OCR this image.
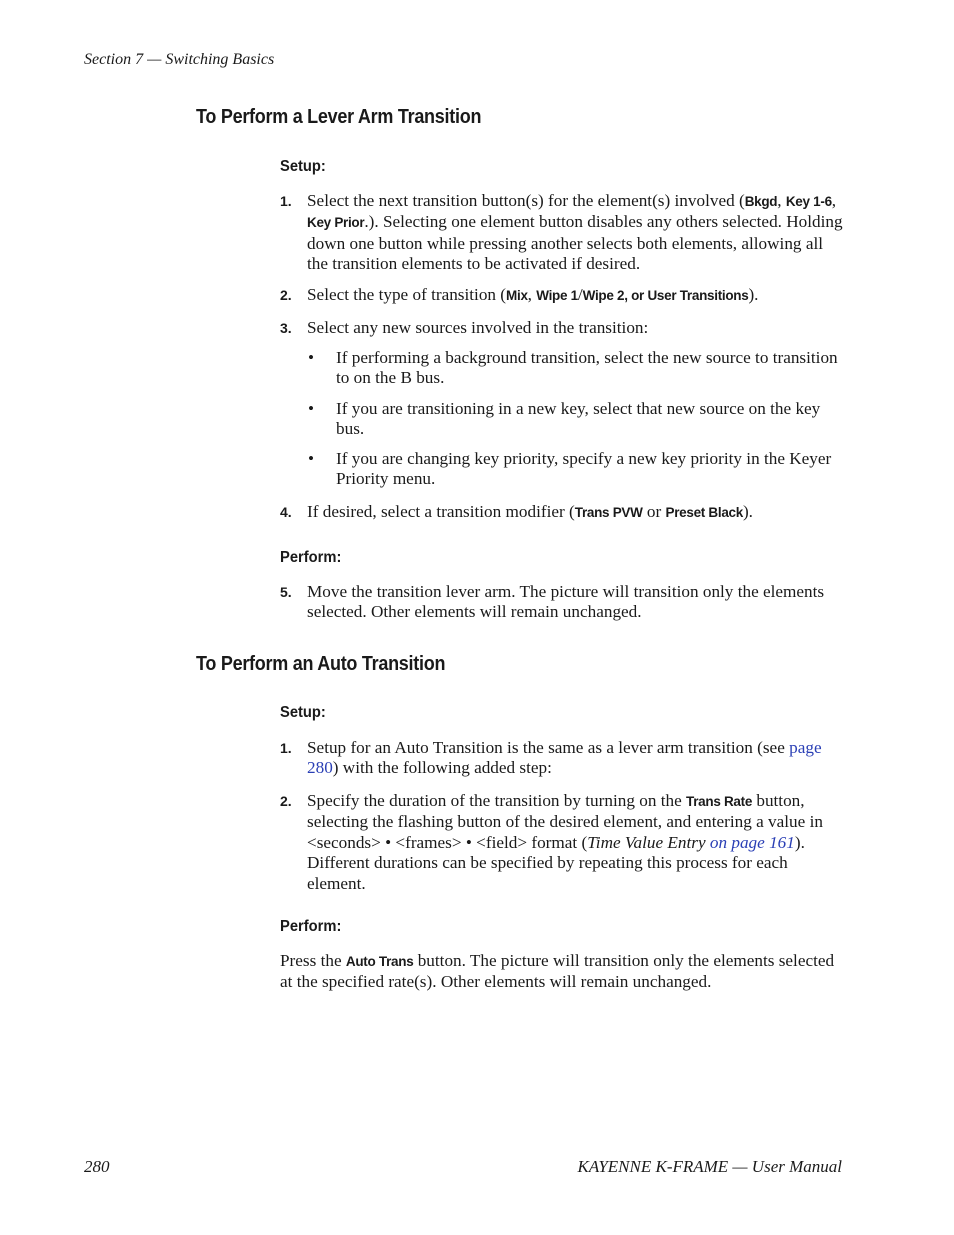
Section 7 — Switching Basics
To Perform a Lever Arm Transition
Setup:
1. Select the next transition button(s) for the element(s) involved (Bkgd, Key 1-6, Key Prior.). Selecting one element button disables any others selected. Holding down one button while pressing another selects both elements, allowing all the transition elements to be activated if desired.
2. Select the type of transition (Mix, Wipe 1/Wipe 2, or User Transitions).
3. Select any new sources involved in the transition:
• If performing a background transition, select the new source to transition to on the B bus.
• If you are transitioning in a new key, select that new source on the key bus.
• If you are changing key priority, specify a new key priority in the Keyer Priority menu.
4. If desired, select a transition modifier (Trans PVW or Preset Black).
Perform:
5. Move the transition lever arm. The picture will transition only the elements selected. Other elements will remain unchanged.
To Perform an Auto Transition
Setup:
1. Setup for an Auto Transition is the same as a lever arm transition (see page 280) with the following added step:
2. Specify the duration of the transition by turning on the Trans Rate button, selecting the flashing button of the desired element, and entering a value in <seconds> • <frames> • <field> format (Time Value Entry on page 161). Different durations can be specified by repeating this process for each element.
Perform:
Press the Auto Trans button. The picture will transition only the elements selected at the specified rate(s). Other elements will remain unchanged.
280	KAYENNE K-FRAME — User Manual
